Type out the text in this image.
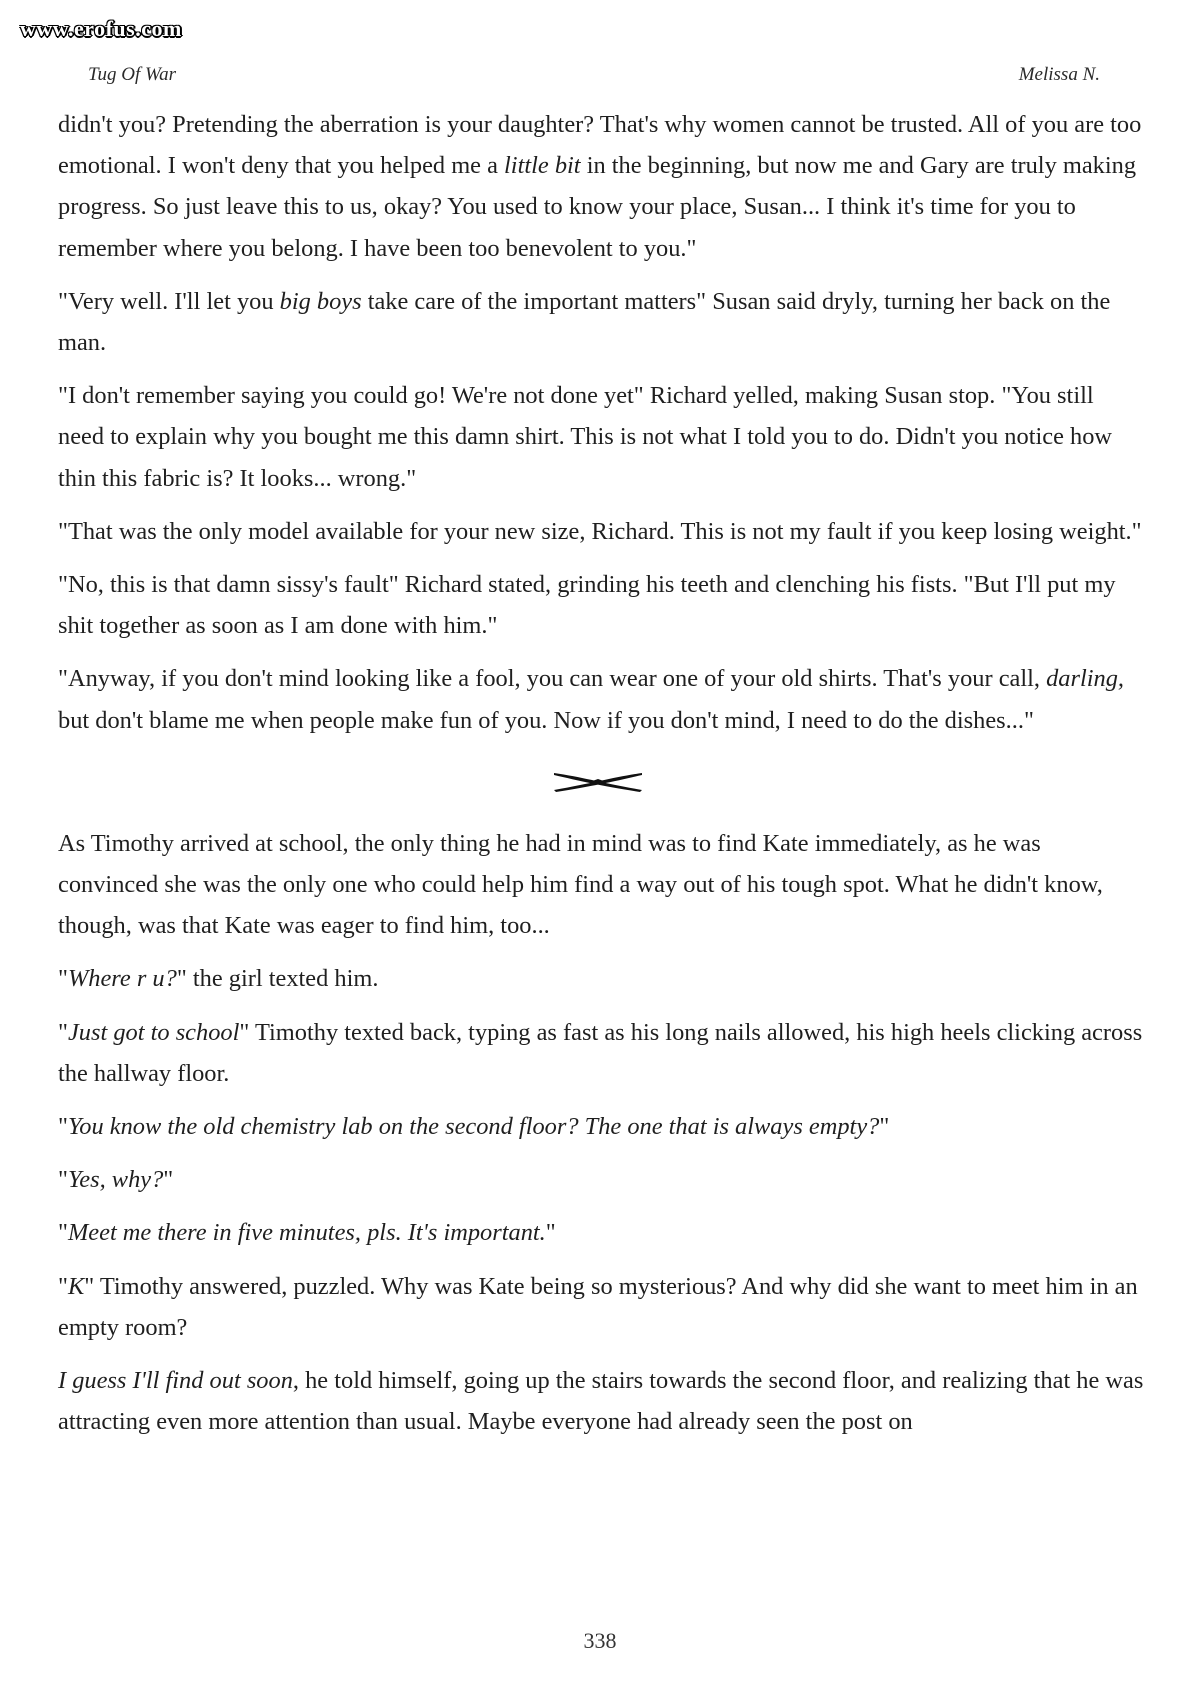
www.erofus.com
Tug Of War	Melissa N.

didn't you? Pretending the aberration is your daughter? That's why women cannot be trusted. All of you are too emotional. I won't deny that you helped me a little bit in the beginning, but now me and Gary are truly making progress. So just leave this to us, okay? You used to know your place, Susan... I think it's time for you to remember where you belong. I have been too benevolent to you."

"Very well. I'll let you big boys take care of the important matters" Susan said dryly, turning her back on the man.

"I don't remember saying you could go! We're not done yet" Richard yelled, making Susan stop. "You still need to explain why you bought me this damn shirt. This is not what I told you to do. Didn't you notice how thin this fabric is? It looks... wrong."

"That was the only model available for your new size, Richard. This is not my fault if you keep losing weight."

"No, this is that damn sissy's fault" Richard stated, grinding his teeth and clenching his fists. "But I'll put my shit together as soon as I am done with him."

"Anyway, if you don't mind looking like a fool, you can wear one of your old shirts. That's your call, darling, but don't blame me when people make fun of you. Now if you don't mind, I need to do the dishes..."

As Timothy arrived at school, the only thing he had in mind was to find Kate immediately, as he was convinced she was the only one who could help him find a way out of his tough spot. What he didn't know, though, was that Kate was eager to find him, too...

"Where r u?" the girl texted him.

"Just got to school" Timothy texted back, typing as fast as his long nails allowed, his high heels clicking across the hallway floor.

"You know the old chemistry lab on the second floor? The one that is always empty?"

"Yes, why?"

"Meet me there in five minutes, pls. It's important."

"K" Timothy answered, puzzled. Why was Kate being so mysterious? And why did she want to meet him in an empty room?

I guess I'll find out soon, he told himself, going up the stairs towards the second floor, and realizing that he was attracting even more attention than usual. Maybe everyone had already seen the post on

338
